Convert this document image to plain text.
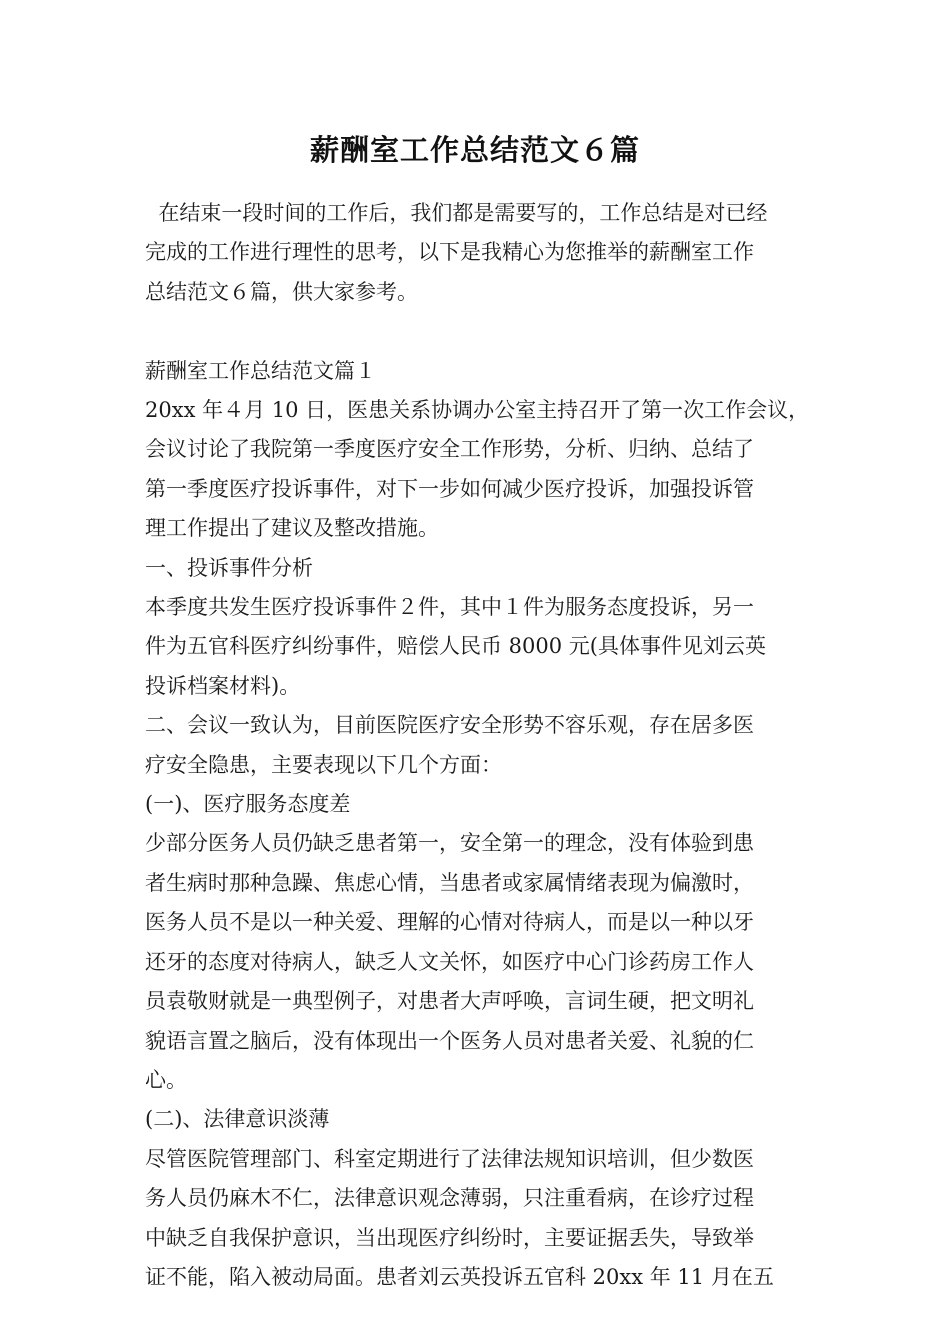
薪酬室工作总结范文６篇

在结束一段时间的工作后，我们都是需要写的，工作总结是对已经

完成的工作进行理性的思考，以下是我精心为您推举的薪酬室工作

总结范文６篇，供大家参考。

薪酬室工作总结范文篇１

20xx 年４月 10 日，医患关系协调办公室主持召开了第一次工作会议，

会议讨论了我院第一季度医疗安全工作形势，分析、归纳、总结了

第一季度医疗投诉事件，对下一步如何减少医疗投诉，加强投诉管

理工作提出了建议及整改措施。

一、投诉事件分析

本季度共发生医疗投诉事件２件，其中１件为服务态度投诉，另一

件为五官科医疗纠纷事件，赔偿人民币 8000 元(具体事件见刘云英

投诉档案材料)。

二、会议一致认为，目前医院医疗安全形势不容乐观，存在居多医

疗安全隐患，主要表现以下几个方面：

(一)、医疗服务态度差

少部分医务人员仍缺乏患者第一，安全第一的理念，没有体验到患

者生病时那种急躁、焦虑心情，当患者或家属情绪表现为偏激时，

医务人员不是以一种关爱、理解的心情对待病人，而是以一种以牙

还牙的态度对待病人，缺乏人文关怀，如医疗中心门诊药房工作人

员袁敬财就是一典型例子，对患者大声呼唤，言词生硬，把文明礼

貌语言置之脑后，没有体现出一个医务人员对患者关爱、礼貌的仁

心。

(二)、法律意识淡薄

尽管医院管理部门、科室定期进行了法律法规知识培训，但少数医

务人员仍麻木不仁，法律意识观念薄弱，只注重看病，在诊疗过程

中缺乏自我保护意识，当出现医疗纠纷时，主要证据丢失，导致举

证不能，陷入被动局面。患者刘云英投诉五官科 20xx 年 11 月在五
